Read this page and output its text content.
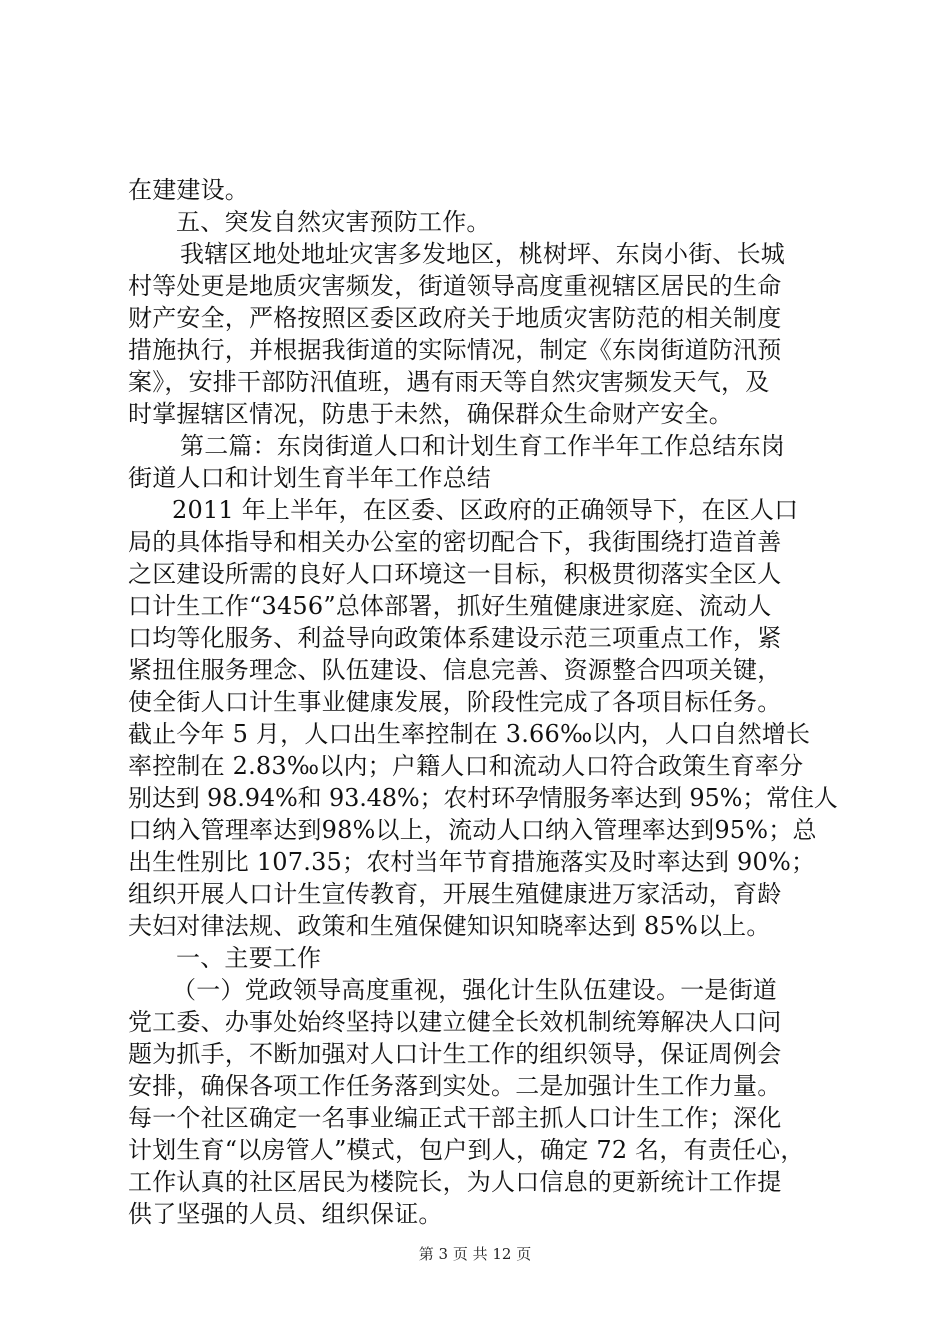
在建建设。
五、突发自然灾害预防工作。
我辖区地处地址灾害多发地区，桃树坪、东岗小街、长城
村等处更是地质灾害频发，街道领导高度重视辖区居民的生命
财产安全，严格按照区委区政府关于地质灾害防范的相关制度
措施执行，并根据我街道的实际情况，制定《东岗街道防汛预
案》，安排干部防汛值班，遇有雨天等自然灾害频发天气，及
时掌握辖区情况，防患于未然，确保群众生命财产安全。
第二篇：东岗街道人口和计划生育工作半年工作总结东岗
街道人口和计划生育半年工作总结
2011 年上半年，在区委、区政府的正确领导下，在区人口
局的具体指导和相关办公室的密切配合下，我街围绕打造首善
之区建设所需的良好人口环境这一目标，积极贯彻落实全区人
口计生工作“3456”总体部署，抓好生殖健康进家庭、流动人
口均等化服务、利益导向政策体系建设示范三项重点工作，紧
紧扭住服务理念、队伍建设、信息完善、资源整合四项关键，
使全街人口计生事业健康发展，阶段性完成了各项目标任务。
截止今年 5 月，人口出生率控制在 3.66‰以内，人口自然增长
率控制在 2.83‰以内；户籍人口和流动人口符合政策生育率分
别达到 98.94%和 93.48%；农村环孕情服务率达到 95%；常住人
口纳入管理率达到98%以上，流动人口纳入管理率达到95%；总
出生性别比 107.35；农村当年节育措施落实及时率达到 90%；
组织开展人口计生宣传教育，开展生殖健康进万家活动，育龄
夫妇对律法规、政策和生殖保健知识知晓率达到 85%以上。
一、主要工作
（一）党政领导高度重视，强化计生队伍建设。一是街道
党工委、办事处始终坚持以建立健全长效机制统筹解决人口问
题为抓手，不断加强对人口计生工作的组织领导，保证周例会
安排，确保各项工作任务落到实处。二是加强计生工作力量。
每一个社区确定一名事业编正式干部主抓人口计生工作；深化
计划生育“以房管人”模式，包户到人，确定 72 名，有责任心，
工作认真的社区居民为楼院长，为人口信息的更新统计工作提
供了坚强的人员、组织保证。
第 3 页 共 12 页
